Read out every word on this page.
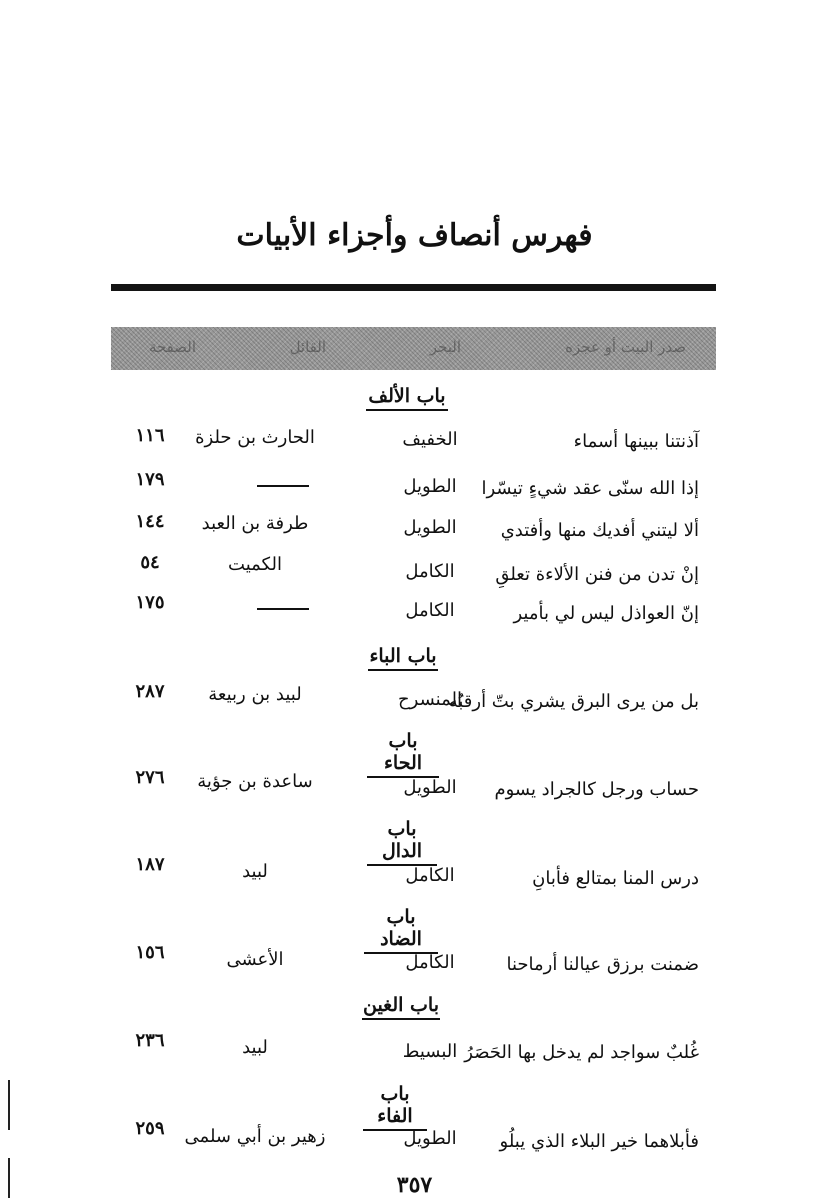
فهرس أنصاف وأجزاء الأبيات
صدر البيت أو عجزه
البحر
القائل
الصفحة
باب الألف
آذنتنا ببينها أسماء
الخفيف
الحارث بن حلزة
١١٦
إذا الله سنّى عقد شيءٍ تيسّرا
الطويل
١٧٩
ألا ليتني أفديك منها وأفتدي
الطويل
طرفة بن العبد
١٤٤
إنْ تدن من فنن الألاءة تعلقِ
الكامل
الكميت
٥٤
إنّ العواذل ليس لي بأمير
الكامل
١٧٥
باب الباء
بل من يرى البرق يشري بتّ أرقبُه
المنسرح
لبيد بن ربيعة
٢٨٧
باب الحاء
حساب ورجل كالجراد يسوم
الطويل
ساعدة بن جؤية
٢٧٦
باب الدال
درس المنا بمتالع فأبانِ
الكامل
لبيد
١٨٧
باب الضاد
ضمنت برزق عيالنا أرماحنا
الكامل
الأعشى
١٥٦
باب الغين
غُلبٌ سواجد لم يدخل بها الحَصَرُ
البسيط
لبيد
٢٣٦
باب الفاء
فأبلاهما خير البلاء الذي يبلُو
الطويل
زهير بن أبي سلمى
٢٥٩
٣٥٧
